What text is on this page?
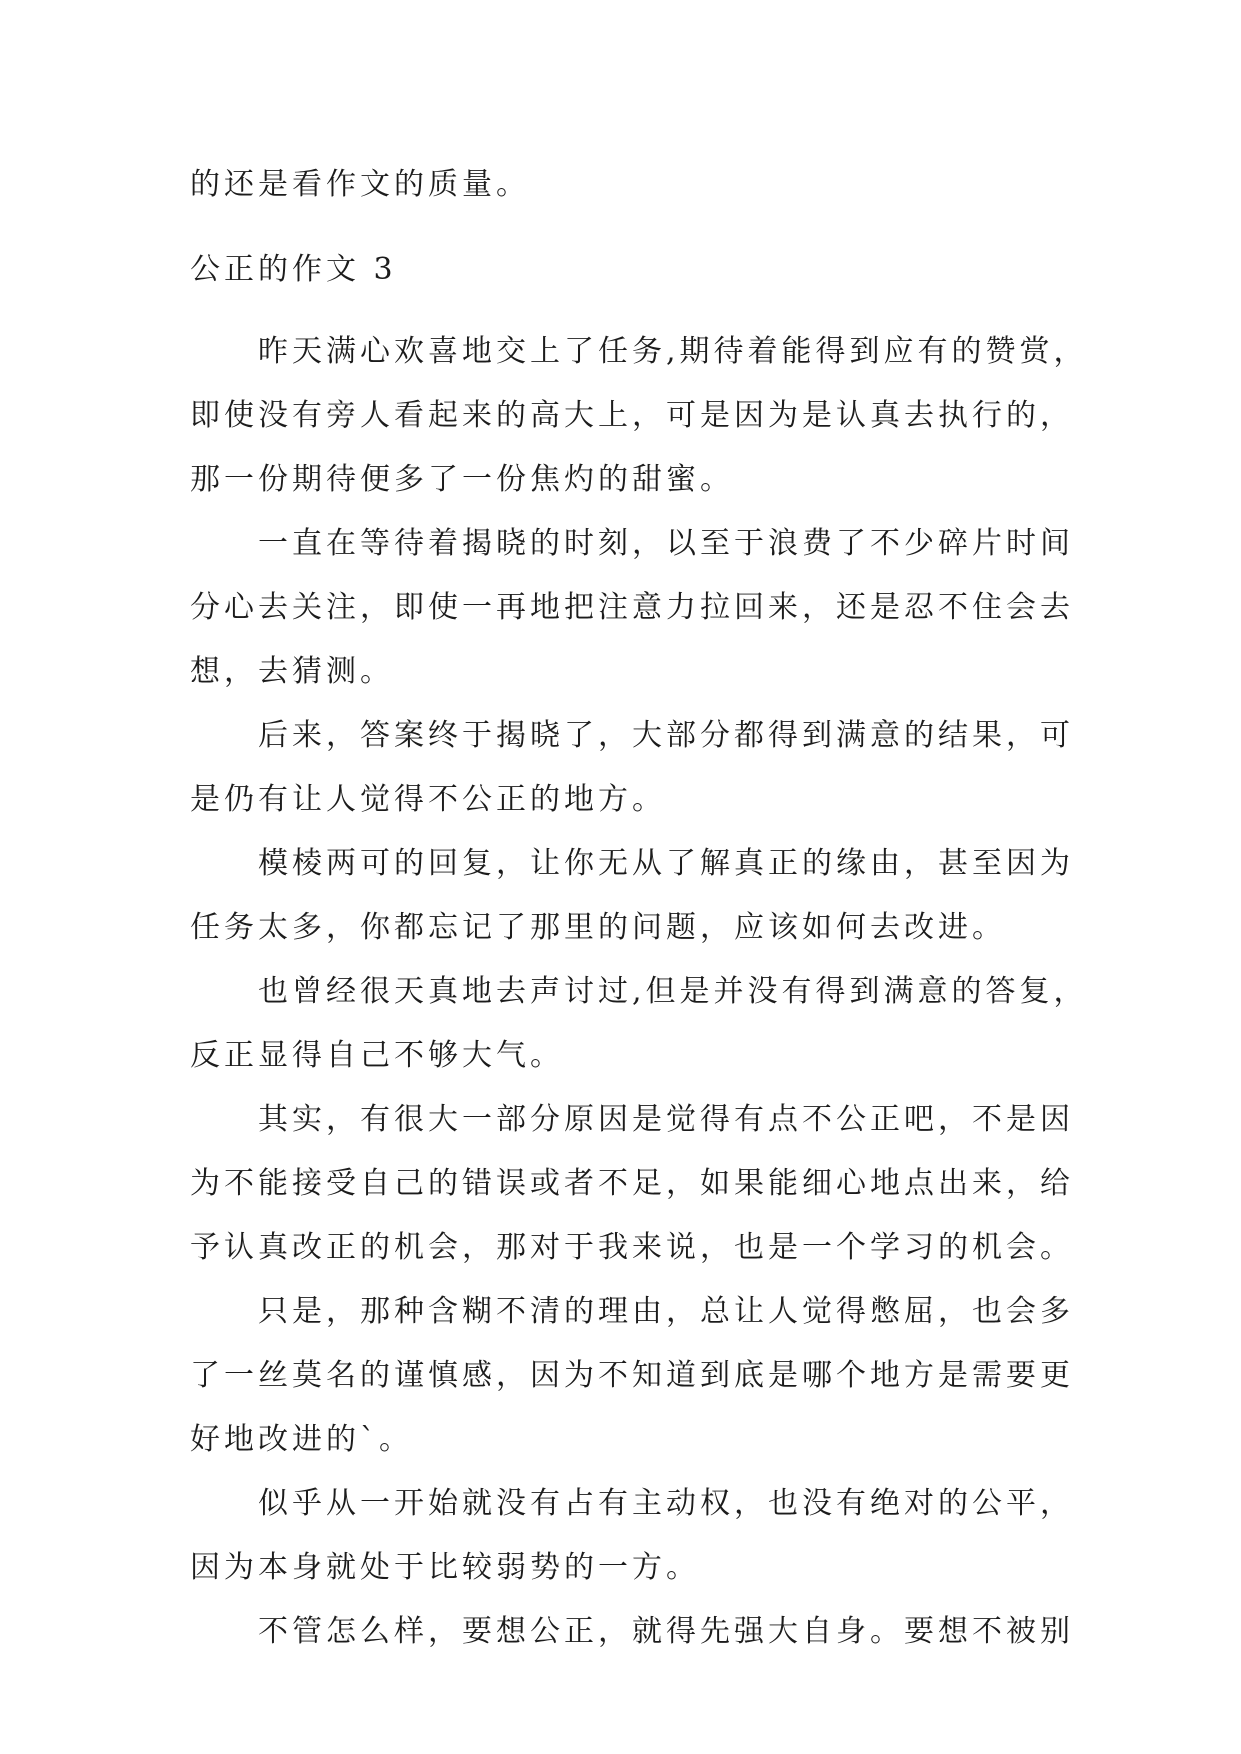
的还是看作文的质量。
公正的作文 3
昨天满心欢喜地交上了任务,期待着能得到应有的赞赏，
即使没有旁人看起来的高大上，可是因为是认真去执行的，
那一份期待便多了一份焦灼的甜蜜。
一直在等待着揭晓的时刻，以至于浪费了不少碎片时间
分心去关注，即使一再地把注意力拉回来，还是忍不住会去
想，去猜测。
后来，答案终于揭晓了，大部分都得到满意的结果，可
是仍有让人觉得不公正的地方。
模棱两可的回复，让你无从了解真正的缘由，甚至因为
任务太多，你都忘记了那里的问题，应该如何去改进。
也曾经很天真地去声讨过,但是并没有得到满意的答复，
反正显得自己不够大气。
其实，有很大一部分原因是觉得有点不公正吧，不是因
为不能接受自己的错误或者不足，如果能细心地点出来，给
予认真改正的机会，那对于我来说，也是一个学习的机会。
只是，那种含糊不清的理由，总让人觉得憋屈，也会多
了一丝莫名的谨慎感，因为不知道到底是哪个地方是需要更
好地改进的`。
似乎从一开始就没有占有主动权，也没有绝对的公平，
因为本身就处于比较弱势的一方。
不管怎么样，要想公正，就得先强大自身。要想不被别
